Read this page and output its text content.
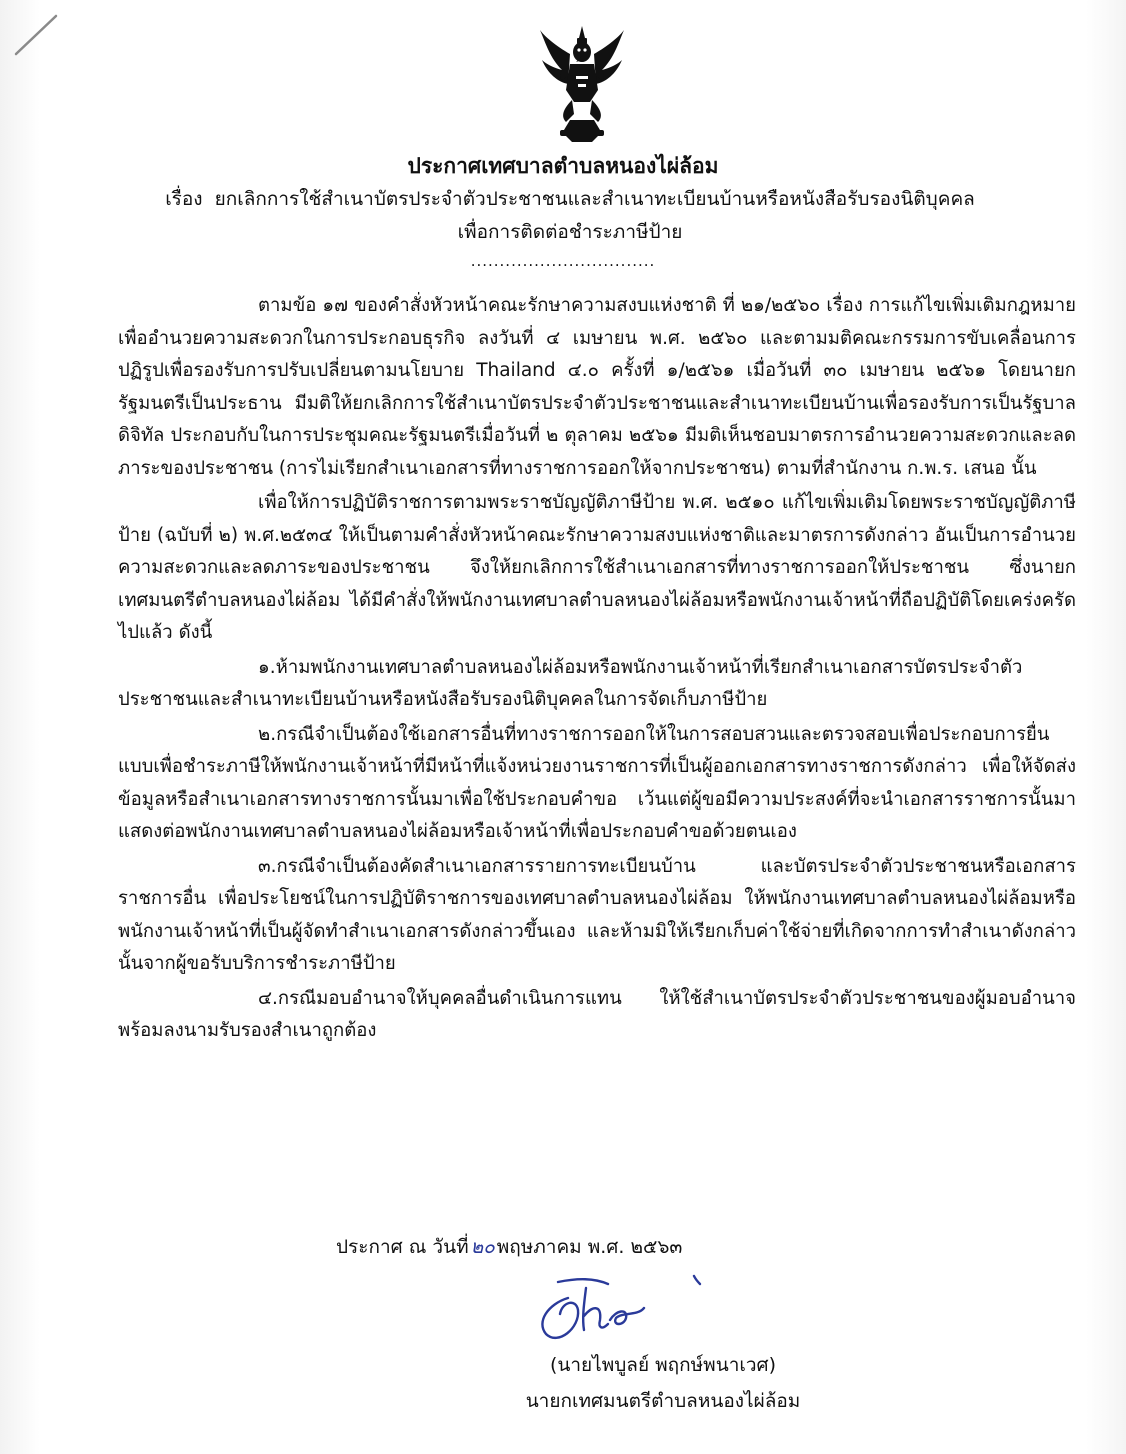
ประกาศเทศบาลตำบลหนองไผ่ล้อม
เรื่อง ยกเลิกการใช้สำเนาบัตรประจำตัวประชาชนและสำเนาทะเบียนบ้านหรือหนังสือรับรองนิติบุคคล
เพื่อการติดต่อชำระภาษีป้าย
................................

ตามข้อ ๑๗ ของคำสั่งหัวหน้าคณะรักษาความสงบแห่งชาติ ที่ ๒๑/๒๕๖๐ เรื่อง การแก้ไขเพิ่มเติมกฎหมาย เพื่ออำนวยความสะดวกในการประกอบธุรกิจ ลงวันที่ ๔ เมษายน พ.ศ. ๒๕๖๐ และตามมติคณะกรรมการขับเคลื่อนการปฏิรูปเพื่อรองรับการปรับเปลี่ยนตามนโยบาย Thailand ๔.๐ ครั้งที่ ๑/๒๕๖๑ เมื่อวันที่ ๓๐ เมษายน ๒๕๖๑ โดยนายกรัฐมนตรีเป็นประธาน มีมติให้ยกเลิกการใช้สำเนาบัตรประจำตัวประชาชนและสำเนาทะเบียนบ้านเพื่อรองรับการเป็นรัฐบาลดิจิทัล ประกอบกับในการประชุมคณะรัฐมนตรีเมื่อวันที่ ๒ ตุลาคม ๒๕๖๑ มีมติเห็นชอบมาตรการอำนวยความสะดวกและลดภาระของประชาชน (การไม่เรียกสำเนาเอกสารที่ทางราชการออกให้จากประชาชน) ตามที่สำนักงาน ก.พ.ร. เสนอ นั้น

เพื่อให้การปฏิบัติราชการตามพระราชบัญญัติภาษีป้าย พ.ศ. ๒๕๑๐ แก้ไขเพิ่มเติมโดยพระราชบัญญัติภาษีป้าย (ฉบับที่ ๒) พ.ศ.๒๕๓๔ ให้เป็นตามคำสั่งหัวหน้าคณะรักษาความสงบแห่งชาติและมาตรการดังกล่าว อันเป็นการอำนวยความสะดวกและลดภาระของประชาชน จึงให้ยกเลิกการใช้สำเนาเอกสารที่ทางราชการออกให้ประชาชน ซึ่งนายกเทศมนตรีตำบลหนองไผ่ล้อม ได้มีคำสั่งให้พนักงานเทศบาลตำบลหนองไผ่ล้อมหรือพนักงานเจ้าหน้าที่ถือปฏิบัติโดยเคร่งครัดไปแล้ว ดังนี้

๑.ห้ามพนักงานเทศบาลตำบลหนองไผ่ล้อมหรือพนักงานเจ้าหน้าที่เรียกสำเนาเอกสารบัตรประจำตัวประชาชนและสำเนาทะเบียนบ้านหรือหนังสือรับรองนิติบุคคลในการจัดเก็บภาษีป้าย

๒.กรณีจำเป็นต้องใช้เอกสารอื่นที่ทางราชการออกให้ในการสอบสวนและตรวจสอบเพื่อประกอบการยื่นแบบเพื่อชำระภาษีให้พนักงานเจ้าหน้าที่มีหน้าที่แจ้งหน่วยงานราชการที่เป็นผู้ออกเอกสารทางราชการดังกล่าว เพื่อให้จัดส่งข้อมูลหรือสำเนาเอกสารทางราชการนั้นมาเพื่อใช้ประกอบคำขอ เว้นแต่ผู้ขอมีความประสงค์ที่จะนำเอกสารราชการนั้นมาแสดงต่อพนักงานเทศบาลตำบลหนองไผ่ล้อมหรือเจ้าหน้าที่เพื่อประกอบคำขอด้วยตนเอง

๓.กรณีจำเป็นต้องคัดสำเนาเอกสารรายการทะเบียนบ้าน และบัตรประจำตัวประชาชนหรือเอกสารราชการอื่น เพื่อประโยชน์ในการปฏิบัติราชการของเทศบาลตำบลหนองไผ่ล้อม ให้พนักงานเทศบาลตำบลหนองไผ่ล้อมหรือพนักงานเจ้าหน้าที่เป็นผู้จัดทำสำเนาเอกสารดังกล่าวขึ้นเอง และห้ามมิให้เรียกเก็บค่าใช้จ่ายที่เกิดจากการทำสำเนาดังกล่าวนั้นจากผู้ขอรับบริการชำระภาษีป้าย

๔.กรณีมอบอำนาจให้บุคคลอื่นดำเนินการแทน ให้ใช้สำเนาบัตรประจำตัวประชาชนของผู้มอบอำนาจพร้อมลงนามรับรองสำเนาถูกต้อง

ประกาศ ณ วันที่ ๒๐ พฤษภาคม พ.ศ. ๒๕๖๓
(นายไพบูลย์ พฤกษ์พนาเวศ)
นายกเทศมนตรีตำบลหนองไผ่ล้อม
